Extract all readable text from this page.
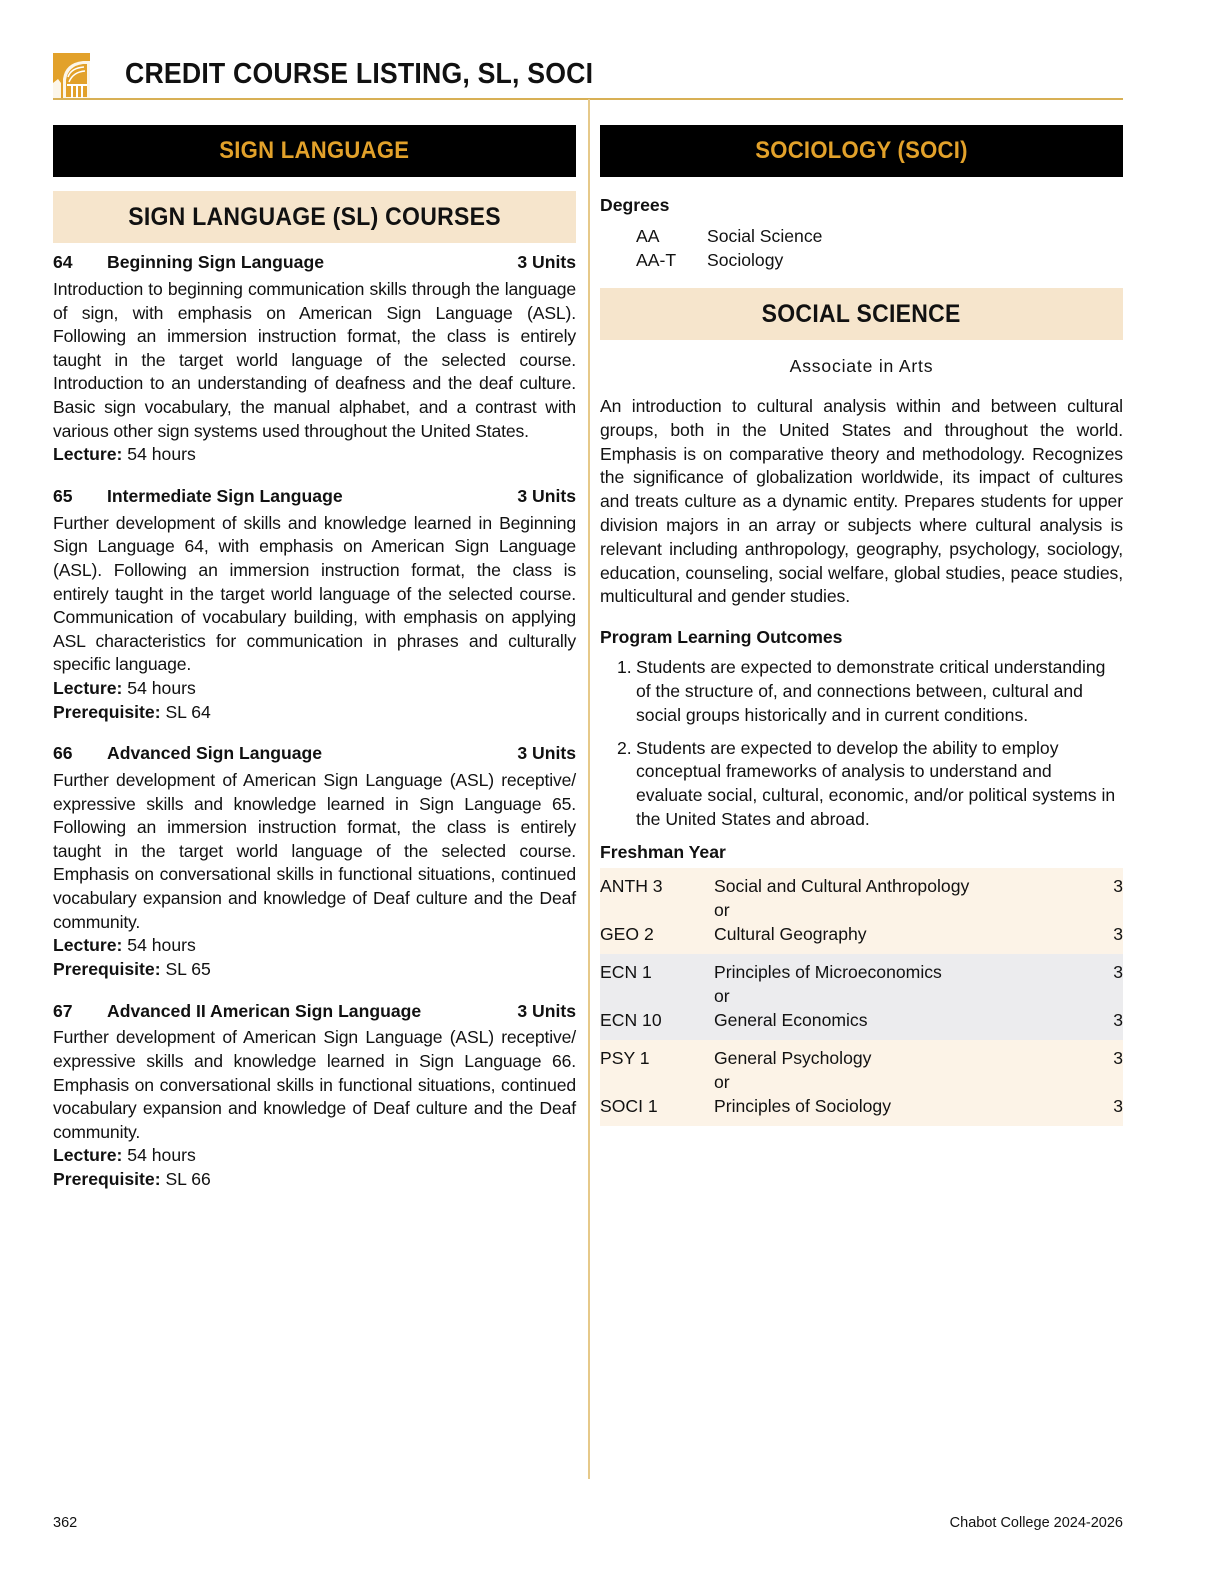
CREDIT COURSE LISTING, SL, SOCI
SIGN LANGUAGE
SIGN LANGUAGE (SL) COURSES
64	Beginning Sign Language	3 Units
Introduction to beginning communication skills through the language of sign, with emphasis on American Sign Language (ASL). Following an immersion instruction format, the class is entirely taught in the target world language of the selected course. Introduction to an understanding of deafness and the deaf culture. Basic sign vocabulary, the manual alphabet, and a contrast with various other sign systems used throughout the United States.
Lecture: 54 hours
65	Intermediate Sign Language	3 Units
Further development of skills and knowledge learned in Beginning Sign Language 64, with emphasis on American Sign Language (ASL). Following an immersion instruction format, the class is entirely taught in the target world language of the selected course. Communication of vocabulary building, with emphasis on applying ASL characteristics for communication in phrases and culturally specific language.
Lecture: 54 hours
Prerequisite: SL 64
66	Advanced Sign Language	3 Units
Further development of American Sign Language (ASL) receptive/ expressive skills and knowledge learned in Sign Language 65. Following an immersion instruction format, the class is entirely taught in the target world language of the selected course. Emphasis on conversational skills in functional situations, continued vocabulary expansion and knowledge of Deaf culture and the Deaf community.
Lecture: 54 hours
Prerequisite: SL 65
67	Advanced II American Sign Language	3 Units
Further development of American Sign Language (ASL) receptive/ expressive skills and knowledge learned in Sign Language 66. Emphasis on conversational skills in functional situations, continued vocabulary expansion and knowledge of Deaf culture and the Deaf community.
Lecture: 54 hours
Prerequisite: SL 66
SOCIOLOGY (SOCI)
Degrees
AA	Social Science
AA-T	Sociology
SOCIAL SCIENCE
Associate in Arts
An introduction to cultural analysis within and between cultural groups, both in the United States and throughout the world. Emphasis is on comparative theory and methodology. Recognizes the significance of globalization worldwide, its impact of cultures and treats culture as a dynamic entity. Prepares students for upper division majors in an array or subjects where cultural analysis is relevant including anthropology, geography, psychology, sociology, education, counseling, social welfare, global studies, peace studies, multicultural and gender studies.
Program Learning Outcomes
1. Students are expected to demonstrate critical understanding of the structure of, and connections between, cultural and social groups historically and in current conditions.
2. Students are expected to develop the ability to employ conceptual frameworks of analysis to understand and evaluate social, cultural, economic, and/or political systems in the United States and abroad.
Freshman Year
ANTH 3	Social and Cultural Anthropology	3
or
GEO 2	Cultural Geography	3
ECN 1	Principles of Microeconomics	3
or
ECN 10	General Economics	3
PSY 1	General Psychology	3
or
SOCI 1	Principles of Sociology	3
362	Chabot College 2024-2026
